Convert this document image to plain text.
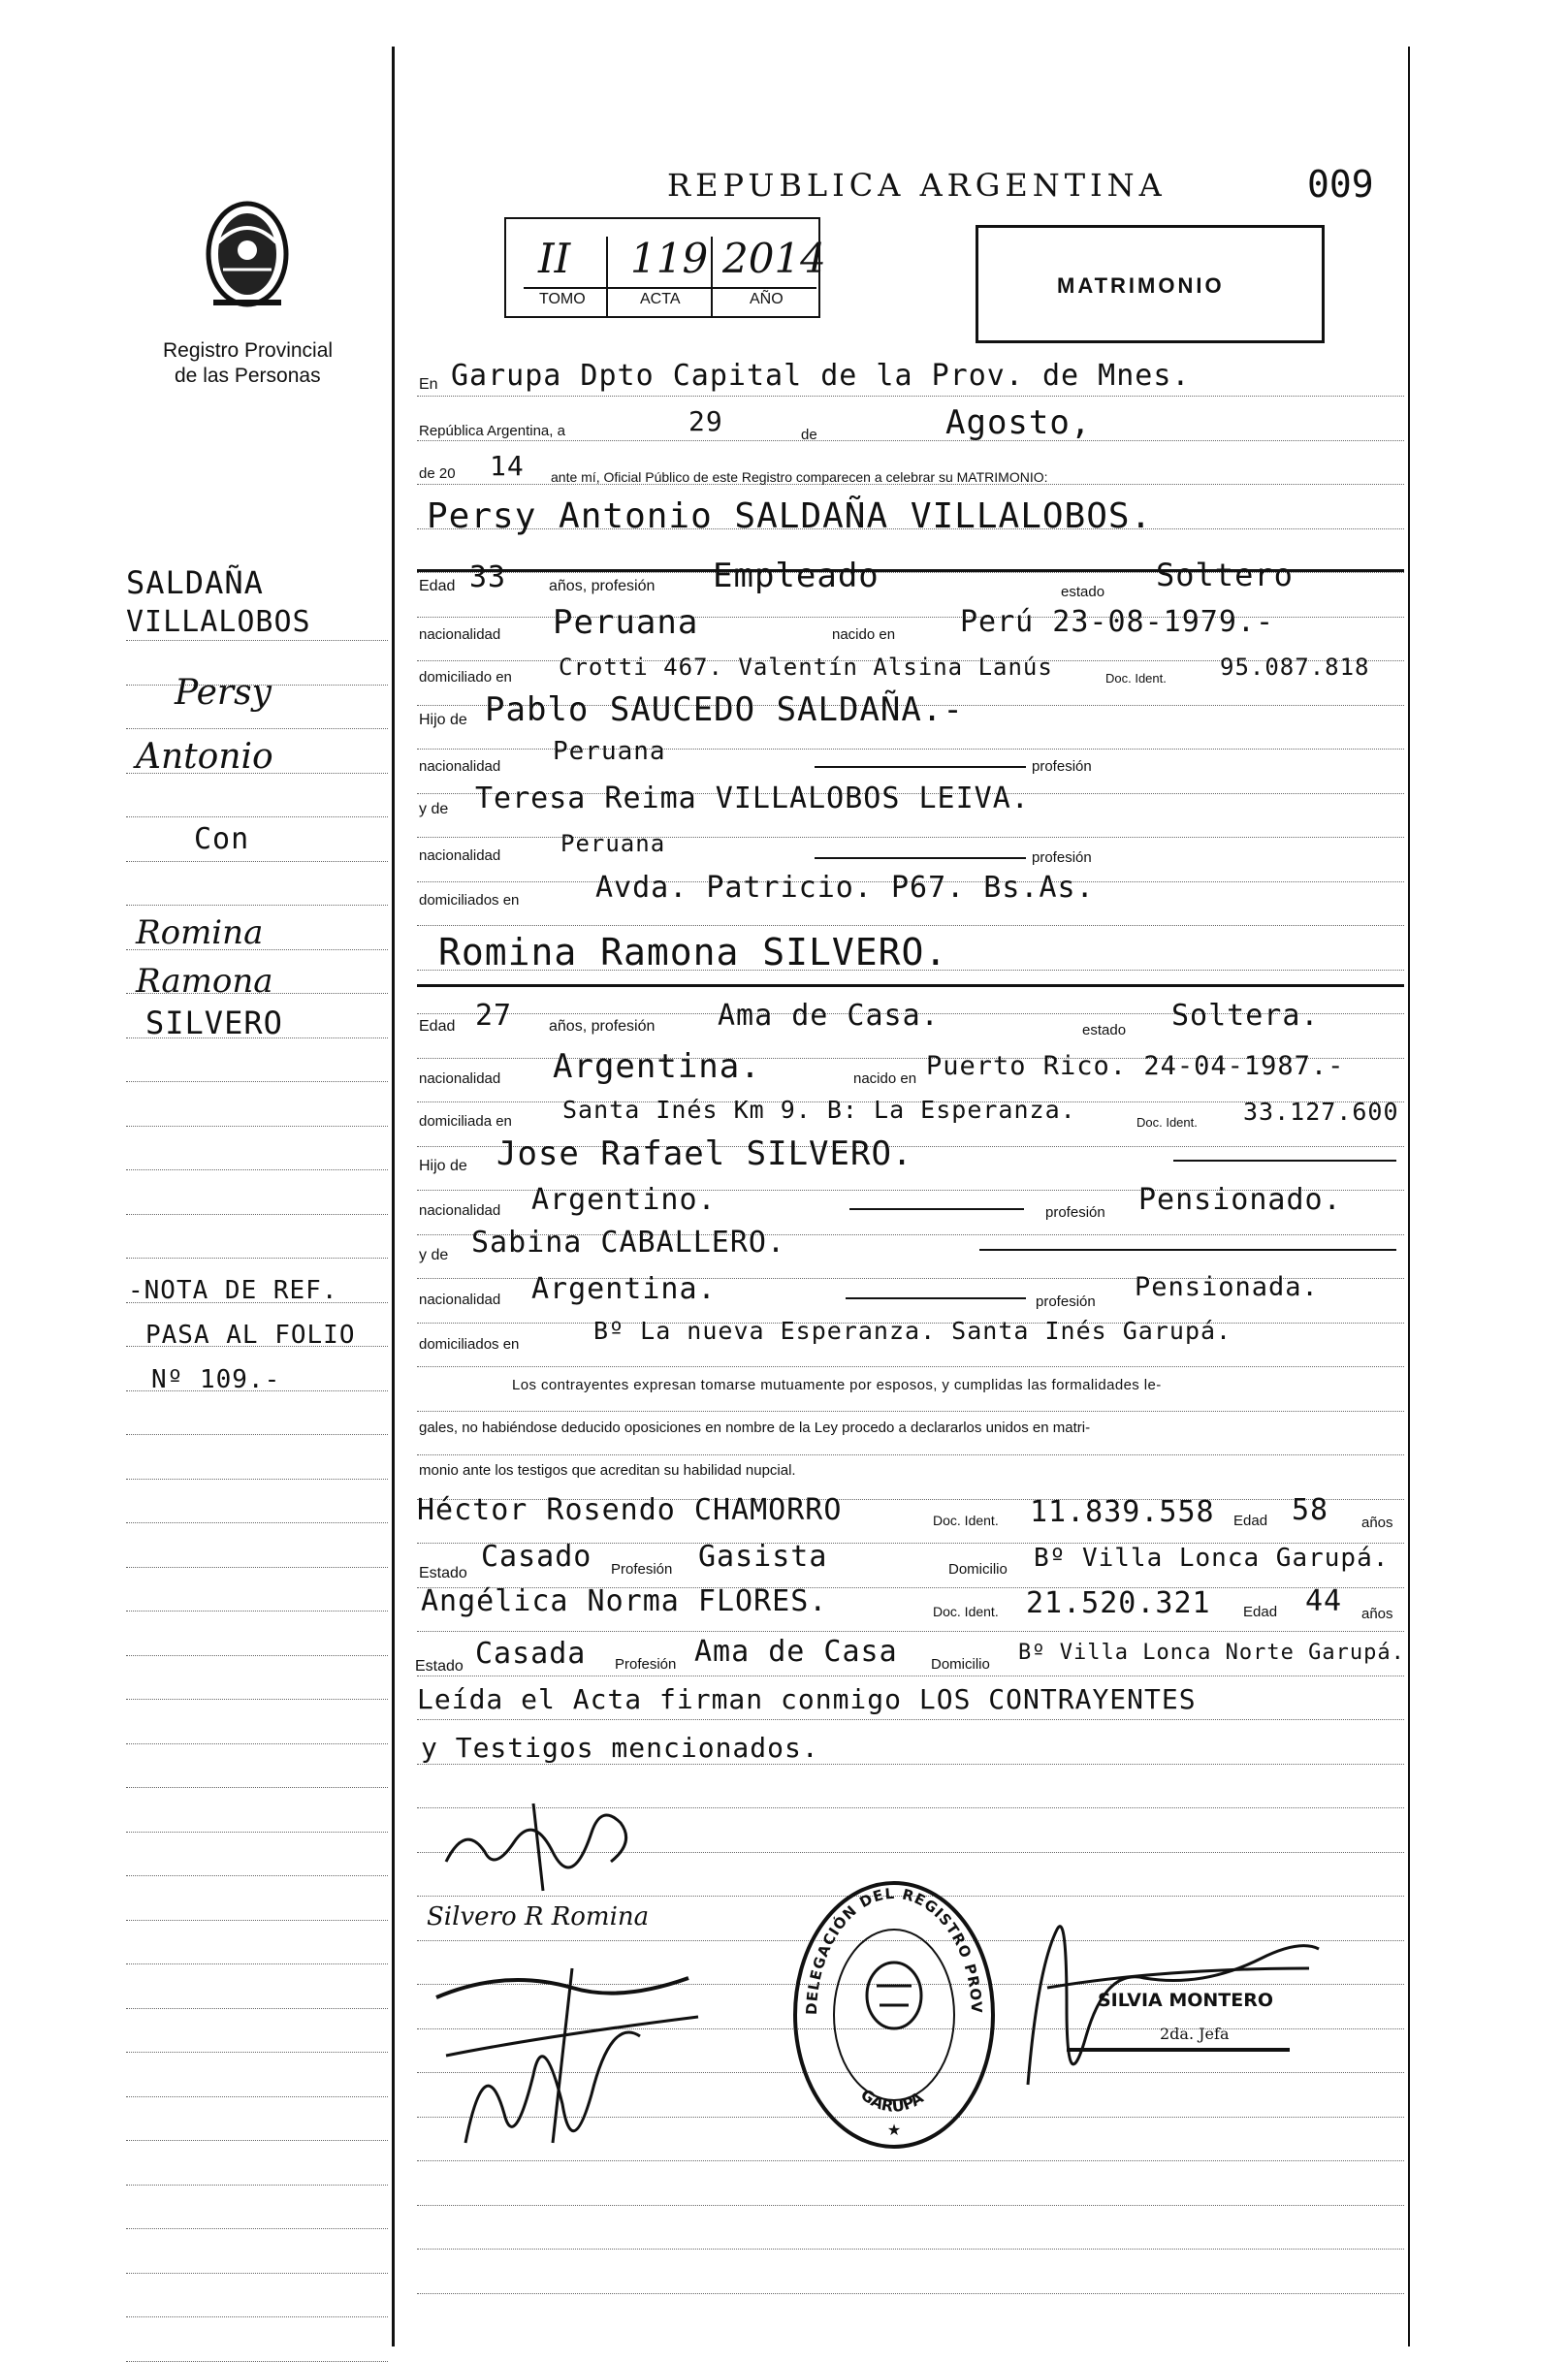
009
Registro Provincial
de las Personas
REPUBLICA ARGENTINA
II 119 2014
TOMO	ACTA	AÑO
MATRIMONIO
En Garupa Dpto Capital de la Prov. de Mnes.
República Argentina, a	29	de	Agosto,
de 20 14 ante mí, Oficial Público de este Registro comparecen a celebrar su MATRIMONIO:
Persy Antonio SALDAÑA VILLALOBOS.
Edad 33	años, profesión Empleado	estado Soltero
nacionalidad Peruana	nacido en Perú 23-08-1979.-
domiciliado en Crotti 467. Valentín Alsina Lanús	Doc. Ident. 95.087.818
Hijo de Pablo SAUCEDO SALDAÑA.-
nacionalidad
Peruana
profesión
y de Teresa Reima VILLALOBOS LEIVA.
nacionalidad	Peruana
profesión
domiciliados en	Avda. Patricio. P67. Bs.As.
Romina Ramona SILVERO.
Edad 27 años, profesión Ama de Casa.	estado Soltera.
nacionalidad Argentina.	nacido en Puerto Rico. 24-04-1987.-
domiciliada en Santa Inés Km 9. B: La Esperanza.	Doc. Ident. 33.127.600
Hijo de Jose Rafael SILVERO.
nacionalidad Argentino.	profesión Pensionado.
y de Sabina CABALLERO.
nacionalidad Argentina.	profesión Pensionada.
domiciliados en	Bº La nueva Esperanza. Santa Inés Garupá.
Los contrayentes expresan tomarse mutuamente por esposos, y cumplidas las formalidades le-
gales, no habiéndose deducido oposiciones en nombre de la Ley procedo a declararlos unidos en matri-
monio ante los testigos que acreditan su habilidad nupcial.
Héctor Rosendo CHAMORRO	Doc. Ident. 11.839.558 Edad 58 años
Estado Casado Profesión Gasista	Domicilio Bº Villa Lonca Garupá.
Angélica Norma FLORES.	Doc. Ident. 21.520.321 Edad 44 años
Estado Casada Profesión Ama de Casa Domicilio Bº Villa Lonca Norte Garupá.
Leída el Acta firman conmigo LOS CONTRAYENTES
y Testigos mencionados.
Silvero R Romina
DELEGACIÓN DEL REGISTRO PROV
GARUPA
★
SILVIA MONTERO
2da. Jefa
SALDAÑA
VILLALOBOS
Persy
Antonio
Con
Romina
Ramona
SILVERO
-NOTA DE REF.
PASA AL FOLIO
Nº 109.-
